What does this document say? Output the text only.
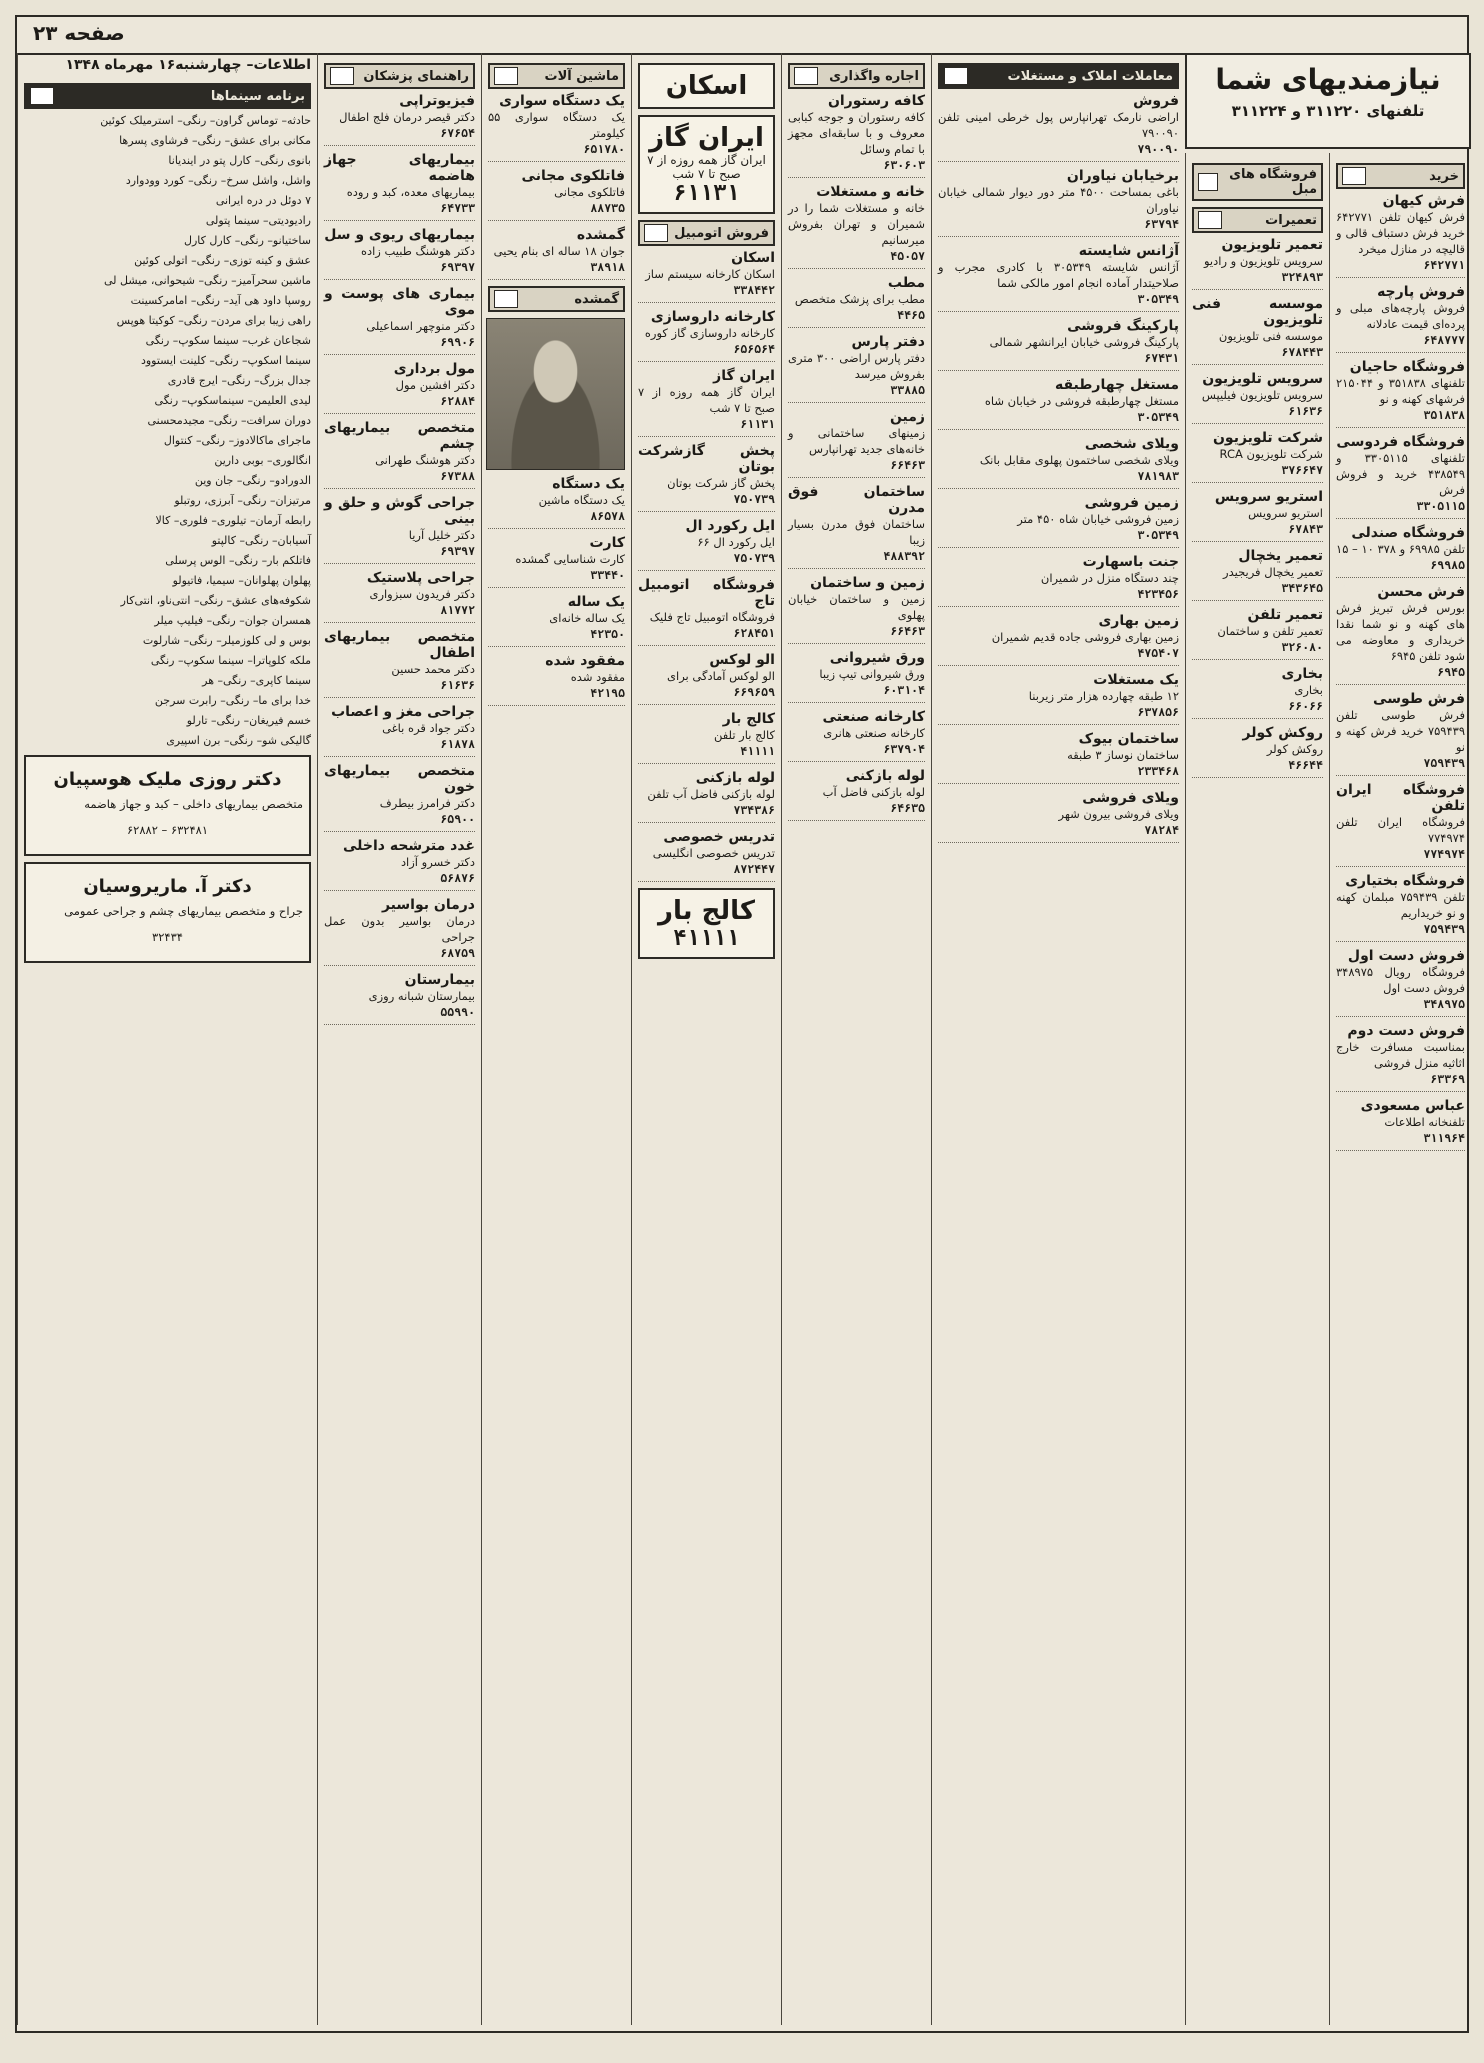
صفحه ۲۳
اطلاعات– چهارشنبه۱۶ مهرماه ۱۳۴۸
برنامه سینماها
حادثه– توماس گراون– رنگی– استرمیلک کوئین
مکانی برای عشق– رنگی– فرشاوی پسر‌ها
بانوی رنگی– کارل پتو در ایندیانا
واشل، واشل سرخ– رنگی– کورد وودوارد
۷ دوئل در دره ایرانی
رادیودیتی– سینما پتولی
ساختیانو– رنگی– کارل کارل
عشق و کینه توزی– رنگی– اتولی کوئین
ماشین سحرآمیز– رنگی– شیحوانی، میشل لی
روسپا داود هی آید– رنگی– امامرکسینت
راهی زیبا برای مردن– رنگی– کوکیتا هوپس
شجاعان غرب– سینما سکوپ– رنگی
سینما اسکوپ– رنگی– کلینت ایستوود
جدال بزرگ– رنگی– ایرج قادری
لیدی العلیمن– سینماسکوپ– رنگی
دوران سرافت– رنگی– مجیدمحسنی
ماجرای ماکالادوز– رنگی– کنتوال
انگالوری– بوبی دارین
الدورادو– رنگی– جان وین
مرتیزان– رنگی– آبرزی، روتبلو
رابطه آرمان– تیلوری– فلوری– کالا
آسیابان– رنگی– کالپتو
فاتلکم بار– رنگی– الوس پرسلی
پهلوان پهلوانان– سیمیا، فاتیولو
شکوفه‌های عشق– رنگی– انتی‌ناو، انتی‌کار
همسران جوان– رنگی– فیلیپ میلر
بوس و لی کلوزمیلر– رنگی– شارلوت
ملکه کلوپاترا– سینما سکوپ– رنگی
سینما کاپری– رنگی– هر
خدا برای ما– رنگی– رابرت سرجن
خسم فیریغان– رنگی– تارلو
گالیکی شو– رنگی– برن اسپیری
دکتر روزی ملیک هوسپیان
متخصص بیماریهای داخلی – کبد و جهاز هاضمه
۶۳۲۴۸۱ – ۶۲۸۸۲
دکتر آ. ماریروسیان
جراح و متخصص بیماریهای چشم و جراحی عمومی
۳۲۴۳۴
راهنمای پزشکان
فیزیوتراپی
دکتر قیصر درمان فلج اطفال
۶۷۶۵۴
بیماریهای جهاز هاضمه
بیماریهای معده، کبد و روده
۶۴۷۳۳
بیماریهای ریوی و سل
دکتر هوشنگ طبیب زاده
۶۹۳۹۷
بیماری های پوست و موی
دکتر منوچهر اسماعیلی
۶۹۹۰۶
مول برداری
دکتر افشین مول
۶۲۸۸۴
متخصص بیماریهای چشم
دکتر هوشنگ طهرانی
۶۷۳۸۸
جراحی گوش و حلق و بینی
دکتر خلیل آریا
۶۹۳۹۷
جراحی پلاستیک
دکتر فریدون سبزواری
۸۱۷۷۲
متخصص بیماریهای اطفال
دکتر محمد حسین
۶۱۶۳۶
جراحی مغز و اعصاب
دکتر جواد قره باغی
۶۱۸۷۸
متخصص بیماریهای خون
دکتر فرامرز بیطرف
۶۵۹۰۰
غدد مترشحه داخلی
دکتر خسرو آزاد
۵۶۸۷۶
درمان بواسیر
درمان بواسیر بدون عمل جراحی
۶۸۷۵۹
بیمارستان
بیمارستان شبانه روزی
۵۵۹۹۰
ماشین آلات
یک دستگاه سواری
یک دستگاه سواری ۵۵ کیلومتر
۶۵۱۷۸۰
فاتلکوی مجانی
فاتلکوی مجانی
۸۸۷۳۵
گمشده
جوان ۱۸ ساله ای بنام یحیی
۳۸۹۱۸
گمشده
یک دستگاه
یک دستگاه ماشین
۸۶۵۷۸
کارت
کارت شناسایی گمشده
۳۳۴۴۰
یک ساله
یک ساله خانه‌ای
۴۲۳۵۰
مفقود شده
مفقود شده
۴۲۱۹۵
اسکان
ایران گاز
ایران گاز همه روزه از ۷ صبح تا ۷ شب
۶۱۱۳۱
فروش اتومبیل
اسکان
اسکان کارخانه سیستم ساز
۳۳۸۴۴۲
کارخانه داروسازی
کارخانه داروسازی گاز کوره
۶۵۶۵۶۴
ایران گاز
ایران گاز همه روزه از ۷ صبح تا ۷ شب
۶۱۱۳۱
پخش گازشرکت بوتان
پخش گاز شرکت بوتان
۷۵۰۷۳۹
ایل رکورد ال
ایل رکورد ال ۶۶
۷۵۰۷۳۹
فروشگاه اتومبیل تاج
فروشگاه اتومبیل تاج فلیک
۶۲۸۴۵۱
الو لوکس
الو لوکس آمادگی برای
۶۶۹۶۵۹
کالج بار
کالج بار تلفن
۴۱۱۱۱
لوله بازکنی
لوله بازکنی فاضل آب تلفن
۷۳۴۳۸۶
تدریس خصوصی
تدریس خصوصی انگلیسی
۸۷۲۴۴۷
کالج بار
۴۱۱۱۱
اجاره واگذاری
کافه رستوران
کافه رستوران و جوجه کبابی معروف و با سابقه‌ای مجهز با تمام وسائل
۶۳۰۶۰۳
خانه و مستغلات
خانه و مستغلات شما را در شمیران و تهران بفروش میرسانیم
۴۵۰۵۷
مطب
مطب برای پزشک متخصص
۴۴۶۵
دفتر پارس
دفتر پارس اراضی ۳۰۰ متری بفروش میرسد
۳۳۸۸۵
زمین
زمینهای ساختمانی و خانه‌های جدید تهرانپارس
۶۶۴۶۳
ساختمان فوق مدرن
ساختمان فوق مدرن بسیار زیبا
۴۸۸۳۹۲
زمین و ساختمان
زمین و ساختمان خیابان پهلوی
۶۶۴۶۳
ورق شیروانی
ورق شیروانی تیپ زیبا
۶۰۳۱۰۴
کارخانه صنعتی
کارخانه صنعتی هانری
۶۳۷۹۰۴
لوله بازکنی
لوله بازکنی فاضل آب
۶۴۶۳۵
معاملات املاک و مستغلات
فروش
اراضی نارمک تهرانپارس پول خرطی امینی تلفن ۷۹۰۰۹۰
۷۹۰۰۹۰
برخیابان نیاوران
باغی بمساحت ۴۵۰۰ متر دور دیوار شمالی خیابان نیاوران
۶۳۷۹۴
آژانس شایسته
آژانس شایسته ۳۰۵۳۴۹ با کادری مجرب و صلاحیتدار آماده انجام امور مالکی شما
۳۰۵۳۴۹
پارکینگ فروشی
پارکینگ فروشی خیابان ایرانشهر شمالی
۶۷۴۳۱
مستغل چهارطبقه
مستغل چهارطبقه فروشی در خیابان شاه
۳۰۵۳۴۹
ویلای شخصی
ویلای شخصی ساختمون پهلوی مقابل بانک
۷۸۱۹۸۳
زمین فروشی
زمین فروشی خیابان شاه ۴۵۰ متر
۳۰۵۳۴۹
جنت باسهارت
چند دستگاه منزل در شمیران
۴۲۳۴۵۶
زمین بهاری
زمین بهاری فروشی جاده قدیم شمیران
۴۷۵۴۰۷
یک مستغلات
۱۲ طبقه چهارده هزار متر زیربنا
۶۳۷۸۵۶
ساختمان بیوک
ساختمان نوساز ۳ طبقه
۲۳۳۴۶۸
ویلای فروشی
ویلای فروشی بیرون شهر
۷۸۲۸۴
نیازمندیهای شما
تلفنهای ۳۱۱۲۲۰ و ۳۱۱۲۲۴
فروشگاه های مبل
تعمیرات
تعمیر تلویزیون
سرویس تلویزیون و رادیو
۳۲۴۸۹۳
موسسه فنی تلویزیون
موسسه فنی تلویزیون
۶۷۸۴۴۳
سرویس تلویزیون
سرویس تلویزیون فیلیپس
۶۱۶۳۶
شرکت تلویزیون
شرکت تلویزیون RCA
۳۷۶۶۴۷
استریو سرویس
استریو سرویس
۶۷۸۴۳
تعمیر یخچال
تعمیر یخچال فریجیدر
۳۴۳۶۴۵
تعمیر تلفن
تعمیر تلفن و ساختمان
۳۲۶۰۸۰
بخاری
بخاری
۶۶۰۶۶
روکش کولر
روکش کولر
۴۶۶۴۴
خرید
فرش کیهان
فرش کیهان تلفن ۶۴۲۷۷۱ خرید فرش دستباف قالی و قالیچه در منازل میخرد
۶۴۲۷۷۱
فروش پارچه
فروش پارچه‌های مبلی و پرده‌ای قیمت عادلانه
۶۴۸۷۷۷
فروشگاه حاجیان
تلفنهای ۳۵۱۸۳۸ و ۲۱۵۰۴۴ فرشهای کهنه و نو
۳۵۱۸۳۸
فروشگاه فردوسی
تلفنهای ۳۳۰۵۱۱۵ و ۴۳۸۵۴۹ خرید و فروش فرش
۳۳۰۵۱۱۵
فروشگاه صندلی
تلفن ۶۹۹۸۵ و ۳۷۸ ۱۰ – ۱۵
۶۹۹۸۵
فرش محسن
بورس فرش تبریز فرش های کهنه و نو شما نقدا خریداری و معاوضه می شود تلفن ۶۹۴۵
۶۹۴۵
فرش طوسی
فرش طوسی تلفن ۷۵۹۴۳۹ خرید فرش کهنه و نو
۷۵۹۴۳۹
فروشگاه ایران تلفن
فروشگاه ایران تلفن ۷۷۴۹۷۴
۷۷۴۹۷۴
فروشگاه بختیاری
تلفن ۷۵۹۴۳۹ مبلمان کهنه و نو خریداریم
۷۵۹۴۳۹
فروش دست اول
فروشگاه رویال ۳۴۸۹۷۵ فروش دست اول
۳۴۸۹۷۵
فروش دست دوم
بمناسبت مسافرت خارج اثاثیه منزل فروشی
۶۳۳۶۹
عباس مسعودی
تلفنخانه اطلاعات
۳۱۱۹۶۴
